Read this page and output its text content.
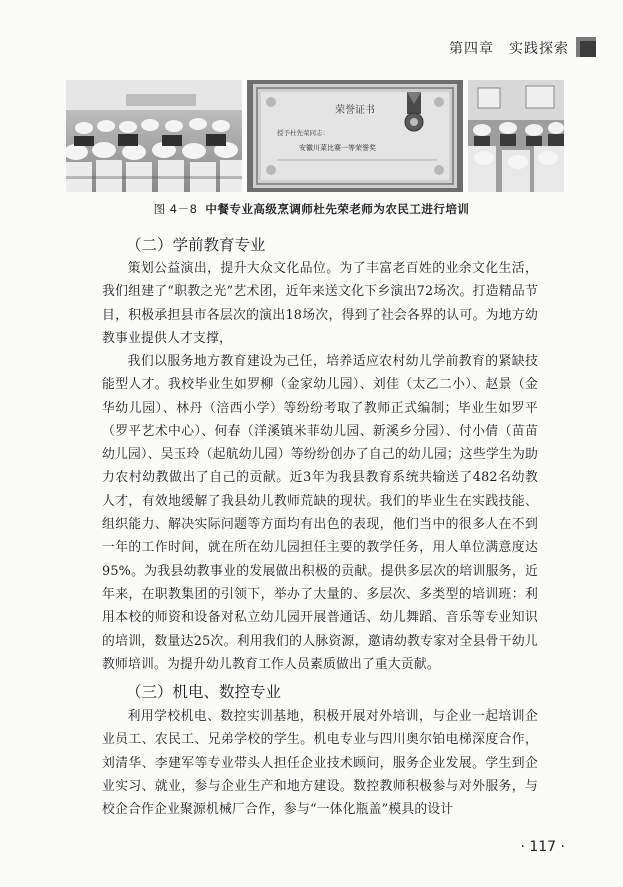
第四章　实践探索
荣誉证书
授予杜先荣同志：
安徽川菜比赛一等荣誉奖
图 4－8 中餐专业高级烹调师杜先荣老师为农民工进行培训
（二）学前教育专业

策划公益演出，提升大众文化品位。为了丰富老百姓的业余文化生活，我们组建了“职教之光”艺术团，近年来送文化下乡演出72场次。打造精品节目，积极承担县市各层次的演出18场次，得到了社会各界的认可。为地方幼教事业提供人才支撑，

我们以服务地方教育建设为己任，培养适应农村幼儿学前教育的紧缺技能型人才。我校毕业生如罗柳（金家幼儿园）、刘佳（太乙二小）、赵景（金华幼儿园）、林丹（涪西小学）等纷纷考取了教师正式编制；毕业生如罗平（罗平艺术中心）、何春（洋溪镇米菲幼儿园、新溪乡分园）、付小倩（苗苗幼儿园）、吴玉玲（起航幼儿园）等纷纷创办了自己的幼儿园；这些学生为助力农村幼教做出了自己的贡献。近3年为我县教育系统共输送了482名幼教人才，有效地缓解了我县幼儿教师荒缺的现状。我们的毕业生在实践技能、组织能力、解决实际问题等方面均有出色的表现，他们当中的很多人在不到一年的工作时间，就在所在幼儿园担任主要的教学任务，用人单位满意度达95%。为我县幼教事业的发展做出积极的贡献。提供多层次的培训服务，近年来，在职教集团的引领下，举办了大量的、多层次、多类型的培训班：利用本校的师资和设备对私立幼儿园开展普通话、幼儿舞蹈、音乐等专业知识的培训，数量达25次。利用我们的人脉资源，邀请幼教专家对全县骨干幼儿教师培训。为提升幼儿教育工作人员素质做出了重大贡献。

（三）机电、数控专业

利用学校机电、数控实训基地，积极开展对外培训，与企业一起培训企业员工、农民工、兄弟学校的学生。机电专业与四川奥尔铂电梯深度合作，刘清华、李建军等专业带头人担任企业技术顾问，服务企业发展。学生到企业实习、就业，参与企业生产和地方建设。数控教师积极参与对外服务，与校企合作企业聚源机械厂合作，参与“一体化瓶盖”模具的设计

· 117 ·
